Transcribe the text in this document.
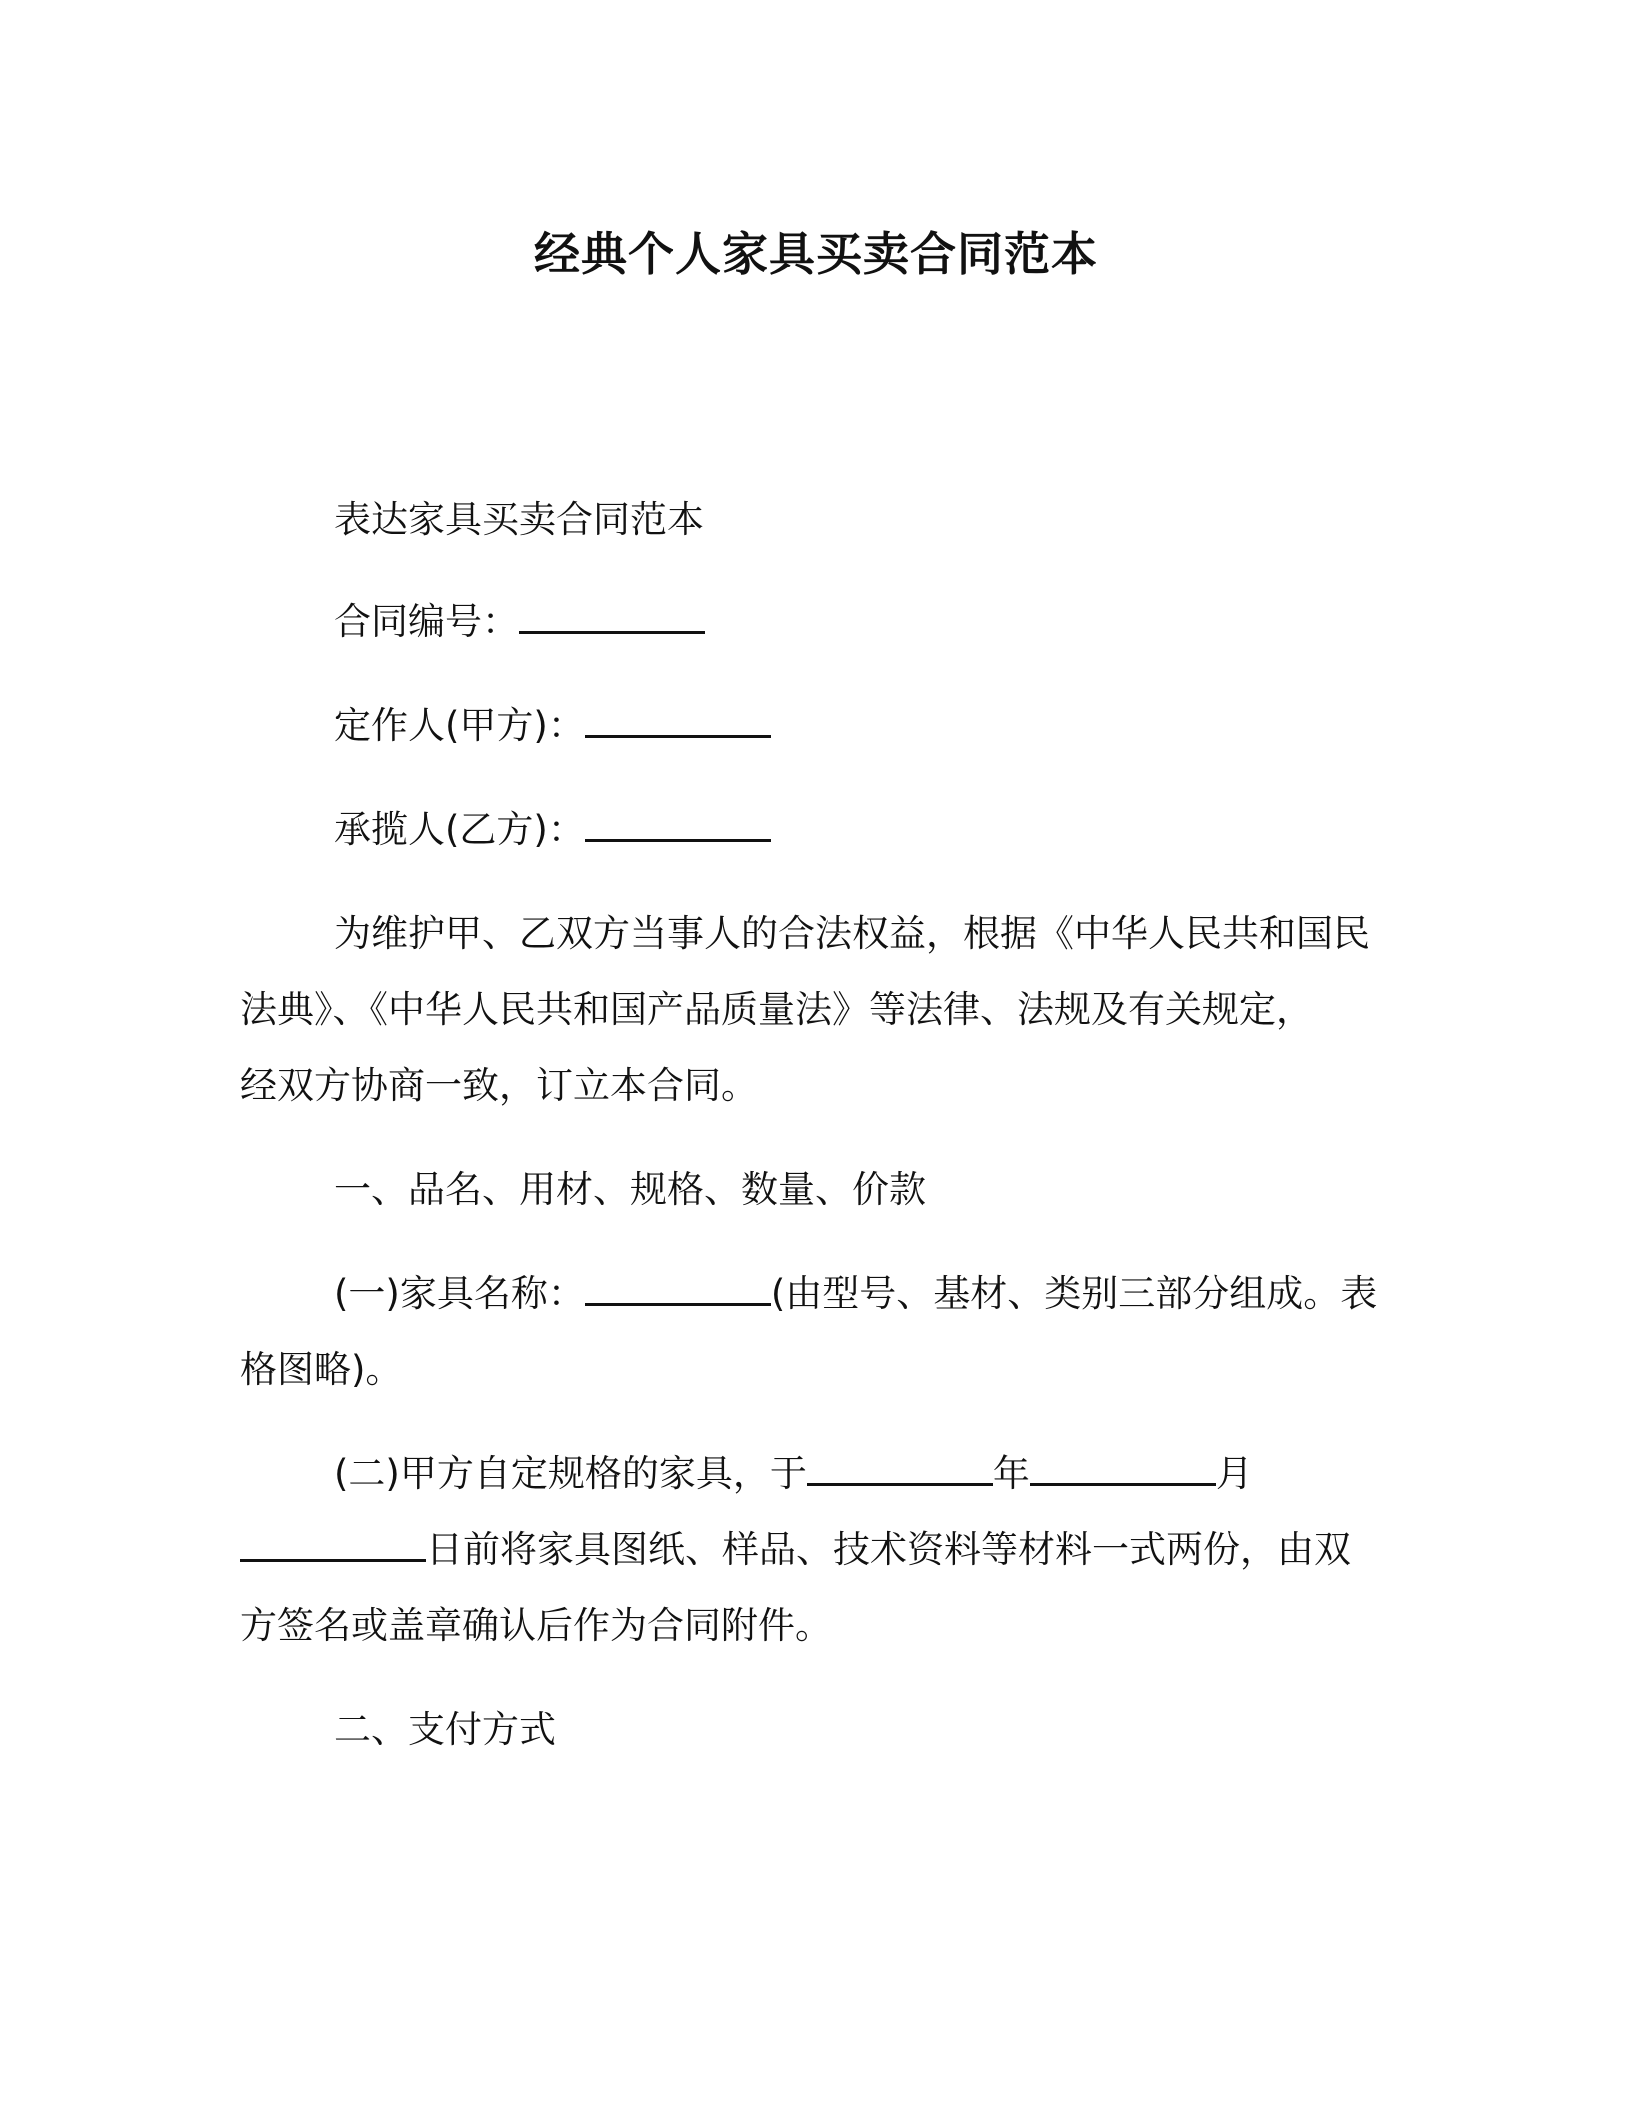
经典个人家具买卖合同范本
表达家具买卖合同范本
合同编号：
定作人(甲方)：
承揽人(乙方)：
为维护甲、乙双方当事人的合法权益，根据《中华人民共和国民
法典》、《中华人民共和国产品质量法》等法律、法规及有关规定，
经双方协商一致，订立本合同。
一、品名、用材、规格、数量、价款
(一)家具名称：	(由型号、基材、类别三部分组成。表
格图略)。
(二)甲方自定规格的家具，于	年	月
日前将家具图纸、样品、技术资料等材料一式两份，由双
方签名或盖章确认后作为合同附件。
二、支付方式
